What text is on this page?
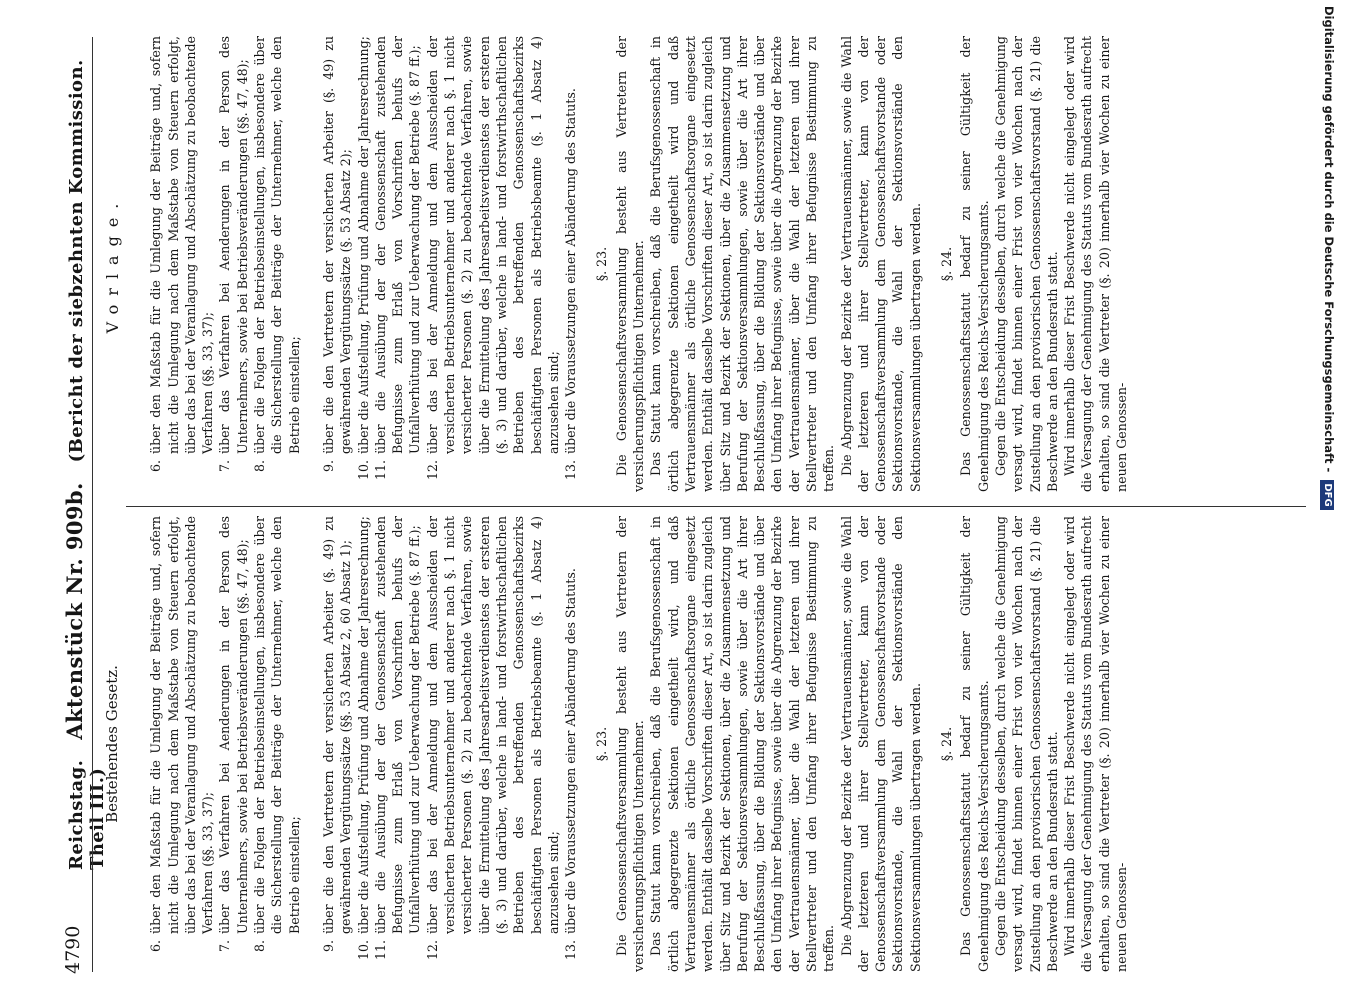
4790
Reichstag.   Aktenstück Nr. 909b.   (Bericht der siebzehnten Kommission. Theil III.)
Bestehendes Gesetz.

6.
über den Maßstab für die Umlegung der Beiträge und, sofern nicht die Umlegung nach dem Maßstabe von Steuern erfolgt, über das bei der Veranlagung und Abschätzung zu beobachtende Verfahren (§§. 33, 37);

7.
über das Verfahren bei Aenderungen in der Person des Unternehmers, sowie bei Betriebsveränderungen (§§. 47, 48);

8.
über die Folgen der Betriebseinstellungen, insbesondere über die Sicherstellung der Beiträge der Unternehmer, welche den Betrieb einstellen;

9.
über die den Vertretern der versicherten Arbeiter (§. 49) zu gewährenden Vergütungssätze (§§. 53 Absatz 2, 60 Absatz 1);

10.
über die Aufstellung, Prüfung und Abnahme der Jahresrechnung;

11.
über die Ausübung der der Genossenschaft zustehenden Befugnisse zum Erlaß von Vorschriften behufs der Unfallverhütung und zur Ueberwachung der Betriebe (§. 87 ff.);

12.
über das bei der Anmeldung und dem Ausscheiden der versicherten Betriebsunternehmer und anderer nach §. 1 nicht versicherter Personen (§. 2) zu beobachtende Verfahren, sowie über die Ermittelung des Jahresarbeitsverdienstes der ersteren (§. 3) und darüber, welche in land- und forstwirthschaftlichen Betrieben des betreffenden Genossenschaftsbezirks beschäftigten Personen als Betriebsbeamte (§. 1 Absatz 4) anzusehen sind;

13.
über die Voraussetzungen einer Abänderung des Statuts. §. 23. Die Genossenschaftsversammlung besteht aus Vertretern der versicherungspflichtigen Unternehmer. Das Statut kann vorschreiben, daß die Berufsgenossenschaft in örtlich abgegrenzte Sektionen eingetheilt wird, und daß Vertrauensmänner als örtliche Genossenschaftsorgane eingesetzt werden. Enthält dasselbe Vorschriften dieser Art, so ist darin zugleich über Sitz und Bezirk der Sektionen, über die Zusammensetzung und Berufung der Sektionsversammlungen, sowie über die Art ihrer Beschlußfassung, über die Bildung der Sektionsvorstände und über den Umfang ihrer Befugnisse, sowie über die Abgrenzung der Bezirke der Vertrauensmänner, über die Wahl der letzteren und ihrer Stellvertreter und den Umfang ihrer Befugnisse Bestimmung zu treffen. Die Abgrenzung der Bezirke der Vertrauensmänner, sowie die Wahl der letzteren und ihrer Stellvertreter, kann von der Genossenschaftsversammlung dem Genossenschaftsvorstande oder Sektionsvorstande, die Wahl der Sektionsvorstände den Sektionsversammlungen übertragen werden. §. 24. Das Genossenschaftsstatut bedarf zu seiner Gültigkeit der Genehmigung des Reichs-Versicherungsamts. Gegen die Entscheidung desselben, durch welche die Genehmigung versagt wird, findet binnen einer Frist von vier Wochen nach der Zustellung an den provisorischen Genossenschaftsvorstand (§. 21) die Beschwerde an den Bundesrath statt. Wird innerhalb dieser Frist Beschwerde nicht eingelegt oder wird die Versagung der Genehmigung des Statuts vom Bundesrath aufrecht erhalten, so sind die Vertreter (§. 20) innerhalb vier Wochen zu einer neuen Genossen-

Vorlage.

6.
über den Maßstab für die Umlegung der Beiträge und, sofern nicht die Umlegung nach dem Maßstabe von Steuern erfolgt, über das bei der Veranlagung und Abschätzung zu beobachtende Verfahren (§§. 33, 37);

7.
über das Verfahren bei Aenderungen in der Person des Unternehmers, sowie bei Betriebsveränderungen (§§. 47, 48);

8.
über die Folgen der Betriebseinstellungen, insbesondere über die Sicherstellung der Beiträge der Unternehmer, welche den Betrieb einstellen;

9.
über die den Vertretern der versicherten Arbeiter (§. 49) zu gewährenden Vergütungssätze (§. 53 Absatz 2);

10.
über die Aufstellung, Prüfung und Abnahme der Jahresrechnung;

11.
über die Ausübung der der Genossenschaft zustehenden Befugnisse zum Erlaß von Vorschriften behufs der Unfallverhütung und zur Ueberwachung der Betriebe (§. 87 ff.);

12.
über das bei der Anmeldung und dem Ausscheiden der versicherten Betriebsunternehmer und anderer nach §. 1 nicht versicherter Personen (§. 2) zu beobachtende Verfahren, sowie über die Ermittelung des Jahresarbeitsverdienstes der ersteren (§. 3) und darüber, welche in land- und forstwirthschaftlichen Betrieben des betreffenden Genossenschaftsbezirks beschäftigten Personen als Betriebsbeamte (§. 1 Absatz 4) anzusehen sind;

13.
über die Voraussetzungen einer Abänderung des Statuts. §. 23. Die Genossenschaftsversammlung besteht aus Vertretern der versicherungspflichtigen Unternehmer. Das Statut kann vorschreiben, daß die Berufsgenossenschaft in örtlich abgegrenzte Sektionen eingetheilt wird und daß Vertrauensmänner als örtliche Genossenschaftsorgane eingesetzt werden. Enthält dasselbe Vorschriften dieser Art, so ist darin zugleich über Sitz und Bezirk der Sektionen, über die Zusammensetzung und Berufung der Sektionsversammlungen, sowie über die Art ihrer Beschlußfassung, über die Bildung der Sektionsvorstände und über den Umfang ihrer Befugnisse, sowie über die Abgrenzung der Bezirke der Vertrauensmänner, über die Wahl der letzteren und ihrer Stellvertreter und den Umfang ihrer Befugnisse Bestimmung zu treffen. Die Abgrenzung der Bezirke der Vertrauensmänner, sowie die Wahl der letzteren und ihrer Stellvertreter, kann von der Genossenschaftsversammlung dem Genossenschaftsvorstande oder Sektionsvorstande, die Wahl der Sektionsvorstände den Sektionsversammlungen übertragen werden. §. 24. Das Genossenschaftsstatut bedarf zu seiner Gültigkeit der Genehmigung des Reichs-Versicherungsamts. Gegen die Entscheidung desselben, durch welche die Genehmigung versagt wird, findet binnen einer Frist von vier Wochen nach der Zustellung an den provisorischen Genossenschaftsvorstand (§. 21) die Beschwerde an den Bundesrath statt. Wird innerhalb dieser Frist Beschwerde nicht eingelegt oder wird die Versagung der Genehmigung des Statuts vom Bundesrath aufrecht erhalten, so sind die Vertreter (§. 20) innerhalb vier Wochen zu einer neuen Genossen-	Digitalisierung gefördert durch die Deutsche Forschungsgemeinschaft - DFG
